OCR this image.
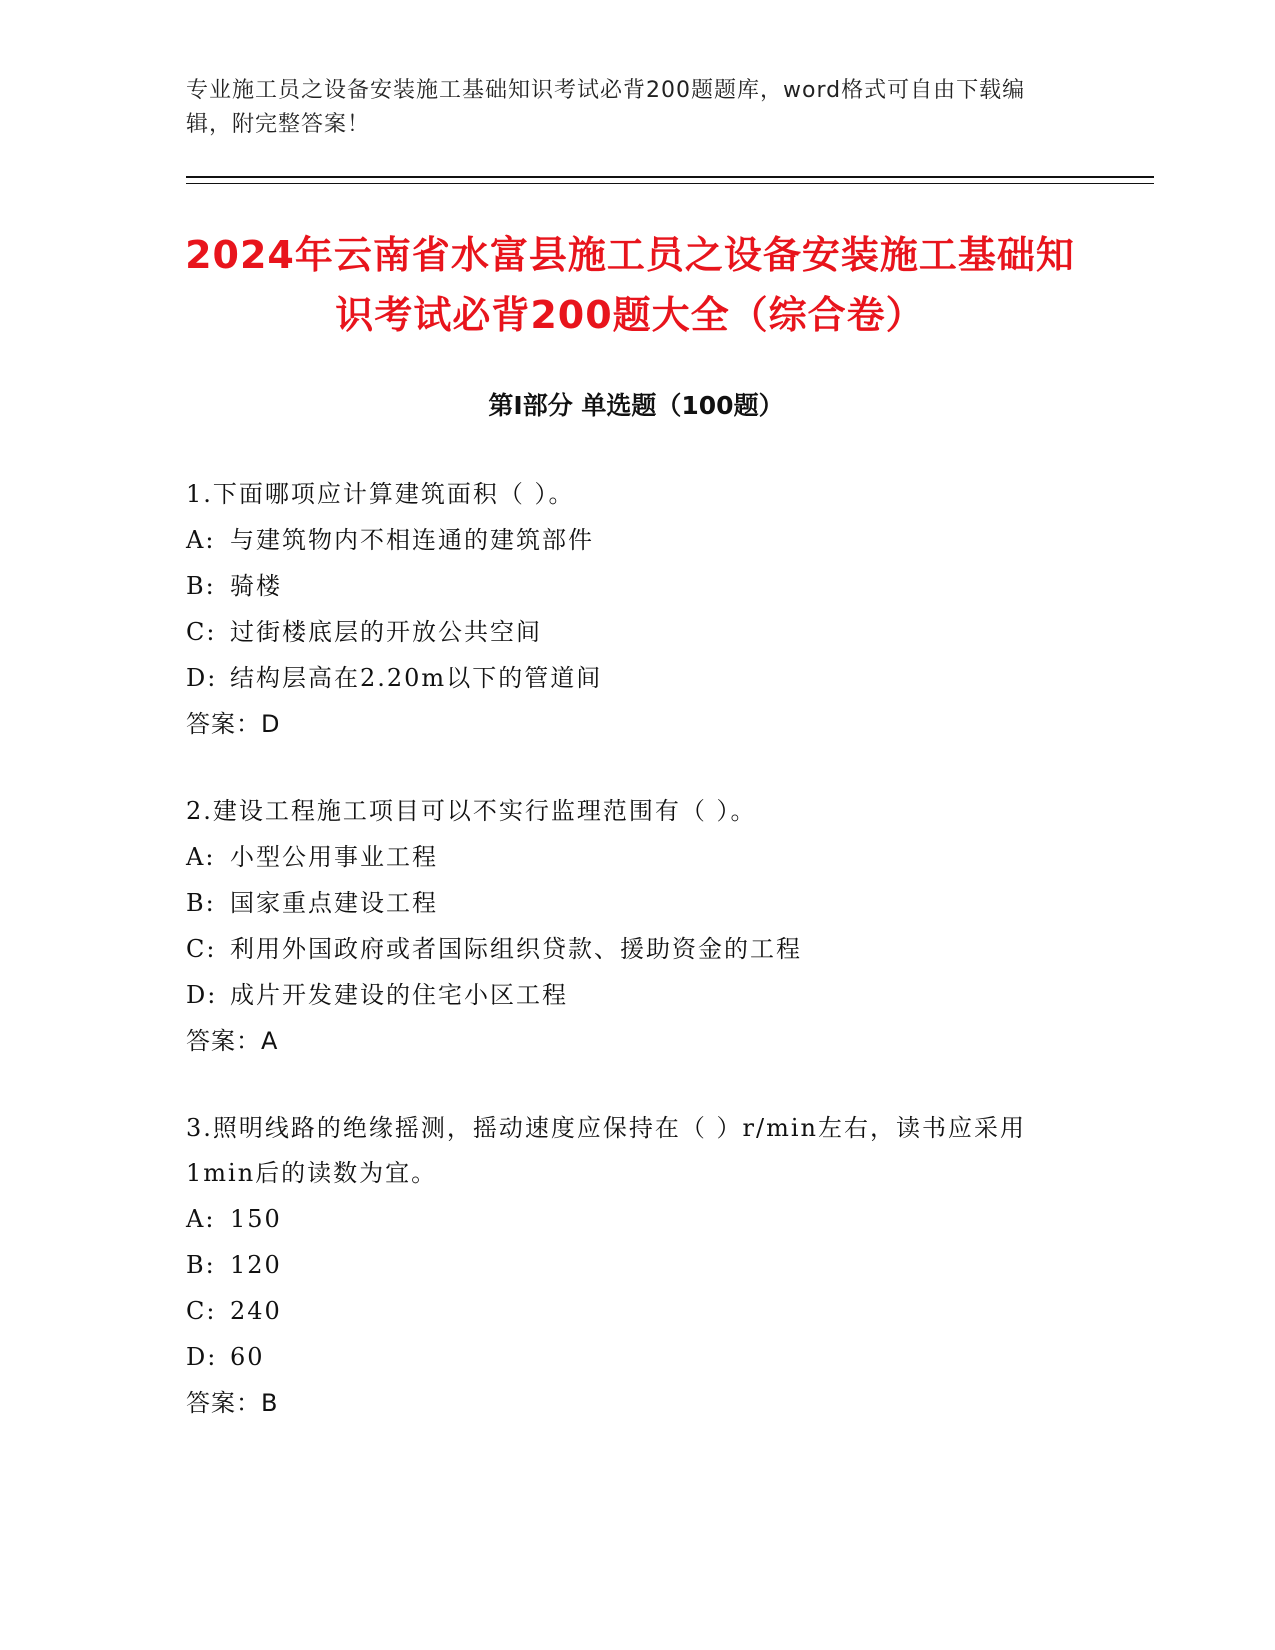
专业施工员之设备安装施工基础知识考试必背200题题库，word格式可自由下载编辑，附完整答案！
2024年云南省水富县施工员之设备安装施工基础知识考试必背200题大全（综合卷）
第I部分 单选题（100题）

1.下面哪项应计算建筑面积（ ）。

A: 与建筑物内不相连通的建筑部件

B: 骑楼

C: 过街楼底层的开放公共空间

D: 结构层高在2.20m以下的管道间

答案：D

2.建设工程施工项目可以不实行监理范围有（ ）。

A: 小型公用事业工程

B: 国家重点建设工程

C: 利用外国政府或者国际组织贷款、援助资金的工程

D: 成片开发建设的住宅小区工程

答案：A

3.照明线路的绝缘摇测，摇动速度应保持在（ ）r/min左右，读书应采用1min后的读数为宜。

A: 150

B: 120

C: 240

D: 60

答案：B
